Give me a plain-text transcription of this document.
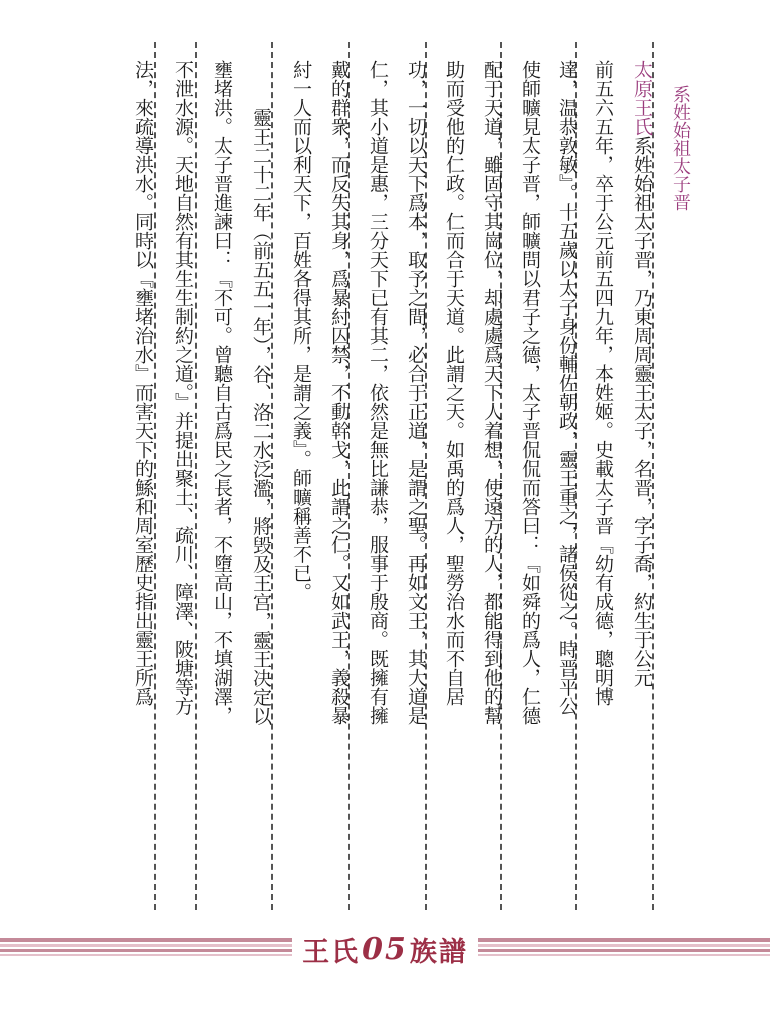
系姓始祖太子晋
太原王氏系姓始祖太子晋，乃東周周靈王太子，名晋，字子喬，約生于公元
前五六五年，卒于公元前五四九年，本姓姬。史載太子晋『幼有成德，聰明博
達，温恭敦敏』。十五歲以太子身份輔佐朝政，靈王重之，諸侯從之。時晋平公
使師曠見太子晋，師曠問以君子之德，太子晋侃侃而答曰：『如舜的爲人，仁德
配于天道，雖固守其崗位，却處處爲天下人着想，使遠方的人，都能得到他的幫
助而受他的仁政。仁而合于天道。此謂之天。如禹的爲人，聖勞治水而不自居
功，一切以天下爲本，取予之間，必合于正道，是謂之聖。再如文王，其大道是
仁，其小道是惠，三分天下已有其二，依然是無比謙恭，服事于殷商。既擁有擁
戴的群衆，而反失其身，爲暴紂囚禁，不動幹戈，此謂之仁。又如武王，義殺暴
紂一人而以利天下，百姓各得其所，是謂之義』。師曠稱善不已。
靈王二十二年（前五五一年），谷、洛二水泛濫，將毁及王宫，靈王决定以
壅堵洪。太子晋進諫曰：『不可。曾聽自古爲民之長者，不墮高山，不填湖澤，
不泄水源。天地自然有其生生制約之道。』并提出聚土、疏川、障澤、陂塘等方
法，來疏導洪水。同時以『壅堵治水』而害天下的鯀和周室歷史指出靈王所爲
王氏 05 族譜
